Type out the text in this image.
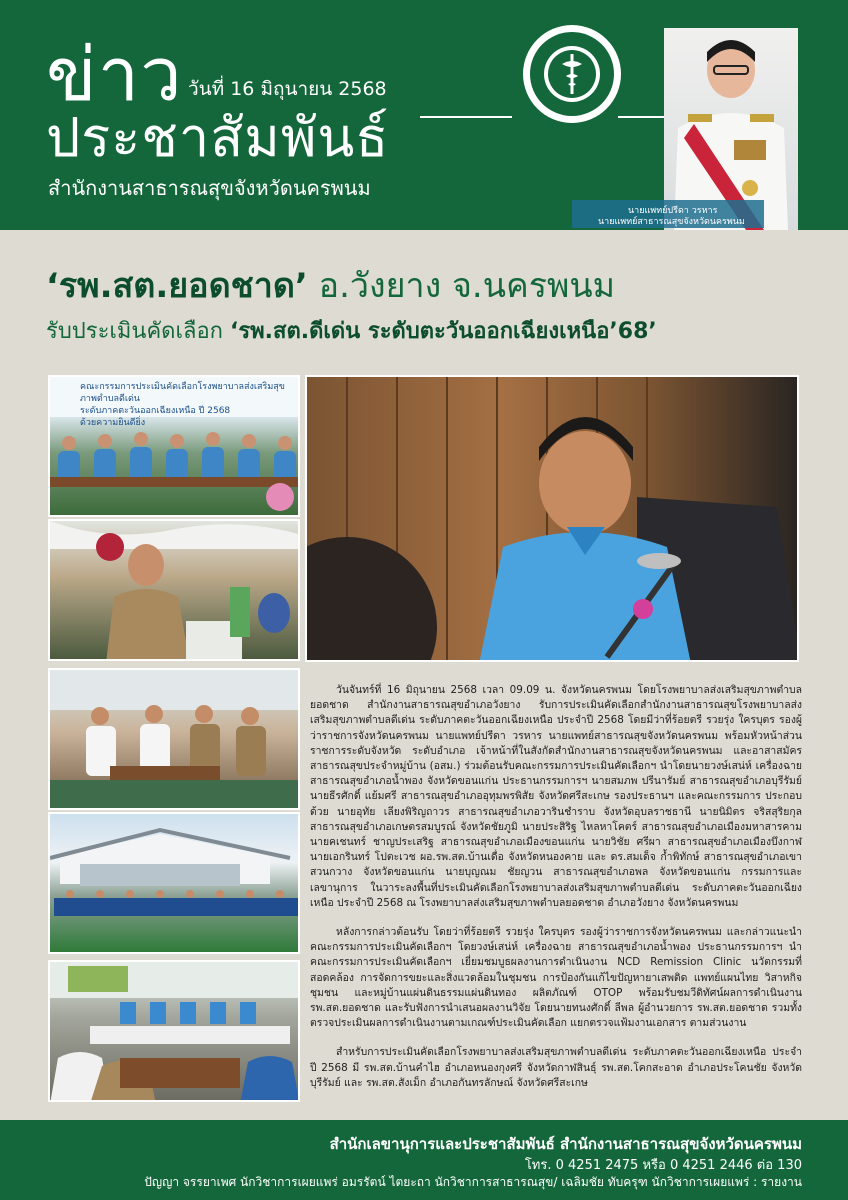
ข่าว วันที่ 16 มิถุนายน 2568
ประชาสัมพันธ์
สำนักงานสาธารณสุขจังหวัดนครพนม
นายแพทย์ปรีดา วรหาร
นายแพทย์สาธารณสุขจังหวัดนครพนม
‘รพ.สต.ยอดชาด’ อ.วังยาง จ.นครพนม
รับประเมินคัดเลือก ‘รพ.สต.ดีเด่น ระดับตะวันออกเฉียงเหนือ’68’
คณะกรรมการประเมินคัดเลือกโรงพยาบาลส่งเสริมสุขภาพตำบลดีเด่น
ระดับภาคตะวันออกเฉียงเหนือ ปี 2568
ด้วยความยินดียิ่ง

วันจันทร์ที่ 16 มิถุนายน 2568 เวลา 09.09 น. จังหวัดนครพนม โดยโรงพยาบาลส่งเสริมสุขภาพตำบลยอดชาด สำนักงานสาธารณสุขอำเภอวังยาง รับการประเมินคัดเลือกสำนักงานสาธารณสุขโรงพยาบาลส่งเสริมสุขภาพตำบลดีเด่น ระดับภาคตะวันออกเฉียงเหนือ ประจำปี 2568 โดยมีว่าที่ร้อยตรี รวยรุ่ง ใครบุตร รองผู้ว่าราชการจังหวัดนครพนม นายแพทย์ปรีดา วรหาร นายแพทย์สาธารณสุขจังหวัดนครพนม พร้อมหัวหน้าส่วนราชการระดับจังหวัด ระดับอำเภอ เจ้าหน้าที่ในสังกัดสำนักงานสาธารณสุขจังหวัดนครพนม และอาสาสมัครสาธารณสุขประจำหมู่บ้าน (อสม.) ร่วมต้อนรับคณะกรรมการประเมินคัดเลือกฯ นำโดยนายวงษ์เสน่ห์ เครื่องฉาย สาธารณสุขอำเภอน้ำพอง จังหวัดขอนแก่น ประธานกรรมการฯ นายสมภพ ปรีนารัมย์ สาธารณสุขอำเภอบุรีรัมย์ นายธีรศักดิ์ แย้มศรี สาธารณสุขอำเภออุทุมพรพิสัย จังหวัดศรีสะเกษ รองประธานฯ และคณะกรรมการ ประกอบด้วย นายอุทัย เลียงพิริญถาวร สาธารณสุขอำเภอวารินชำราบ จังหวัดอุบลราชธานี นายนิมิตร จริสสุริยกุล สาธารณสุขอำเภอเกษตรสมบูรณ์ จังหวัดชัยภูมิ นายประสิริฐ ไหลหาโคตร์ สาธารณสุขอำเภอเมืองมหาสารคาม นายคเชนทร์ ชาญประเสริฐ สาธารณสุขอำเภอเมืองขอนแก่น นายวิชัย ศรีผา สาธารณสุขอำเภอเมืองบึงกาฬ นายเอกรินทร์ โปตะเวช ผอ.รพ.สต.บ้านเดื่อ จังหวัดหนองคาย และ ดร.สมเด็จ ก้ำพิทักษ์ สาธารณสุขอำเภอเขาสวนกวาง จังหวัดขอนแก่น นายบุญณม ชัยญวน สาธารณสุขอำเภอพล จังหวัดขอนแก่น กรรมการและเลขานุการ ในวาระลงพื้นที่ประเมินคัดเลือกโรงพยาบาลส่งเสริมสุขภาพตำบลดีเด่น ระดับภาคตะวันออกเฉียงเหนือ ประจำปี 2568 ณ โรงพยาบาลส่งเสริมสุขภาพตำบลยอดชาด อำเภอวังยาง จังหวัดนครพนม

หลังการกล่าวต้อนรับ โดยว่าที่ร้อยตรี รวยรุ่ง ใครบุตร รองผู้ว่าราชการจังหวัดนครพนม และกล่าวแนะนำคณะกรรมการประเมินคัดเลือกฯ โดยวงษ์เสน่ห์ เครื่องฉาย สาธารณสุขอำเภอน้ำพอง ประธานกรรมการฯ นำคณะกรรมการประเมินคัดเลือกฯ เยี่ยมชมบูธผลงานการดำเนินงาน NCD Remission Clinic นวัตกรรมที่สอดคล้อง การจัดการขยะและสิ่งแวดล้อมในชุมชน การป้องกันแก้ไขปัญหายาเสพติด แพทย์แผนไทย วิสาหกิจชุมชน และหมู่บ้านแผ่นดินธรรมแผ่นดินทอง ผลิตภัณฑ์ OTOP พร้อมรับชมวีดิทัศน์ผลการดำเนินงาน รพ.สต.ยอดชาด และรับฟังการนำเสนอผลงานวิจัย โดยนายทนงศักดิ์ ลีพล ผู้อำนวยการ รพ.สต.ยอดชาด รวมทั้งตรวจประเมินผลการดำเนินงานตามเกณฑ์ประเมินคัดเลือก แยกตรวจแฟ้มงานเอกสาร ตามส่วนงาน

สำหรับการประเมินคัดเลือกโรงพยาบาลส่งเสริมสุขภาพตำบลดีเด่น ระดับภาคตะวันออกเฉียงเหนือ ประจำปี 2568 มี รพ.สต.บ้านคำไฮ อำเภอหนองกุงศรี จังหวัดกาฬสินธุ์ รพ.สต.โคกสะอาด อำเภอประโคนชัย จังหวัดบุรีรัมย์ และ รพ.สต.สังเม็ก อำเภอกันทรลักษณ์ จังหวัดศรีสะเกษ

สำนักเลขานุการและประชาสัมพันธ์ สำนักงานสาธารณสุขจังหวัดนครพนม
โทร. 0 4251 2475 หรือ 0 4251 2446 ต่อ 130
ปัญญา จรรยาเพศ นักวิชาการเผยแพร่ อมรรัตน์ ไตยะถา นักวิชาการสาธารณสุข/ เฉลิมชัย ทับครุฑ นักวิชาการเผยแพร่ : รายงาน
